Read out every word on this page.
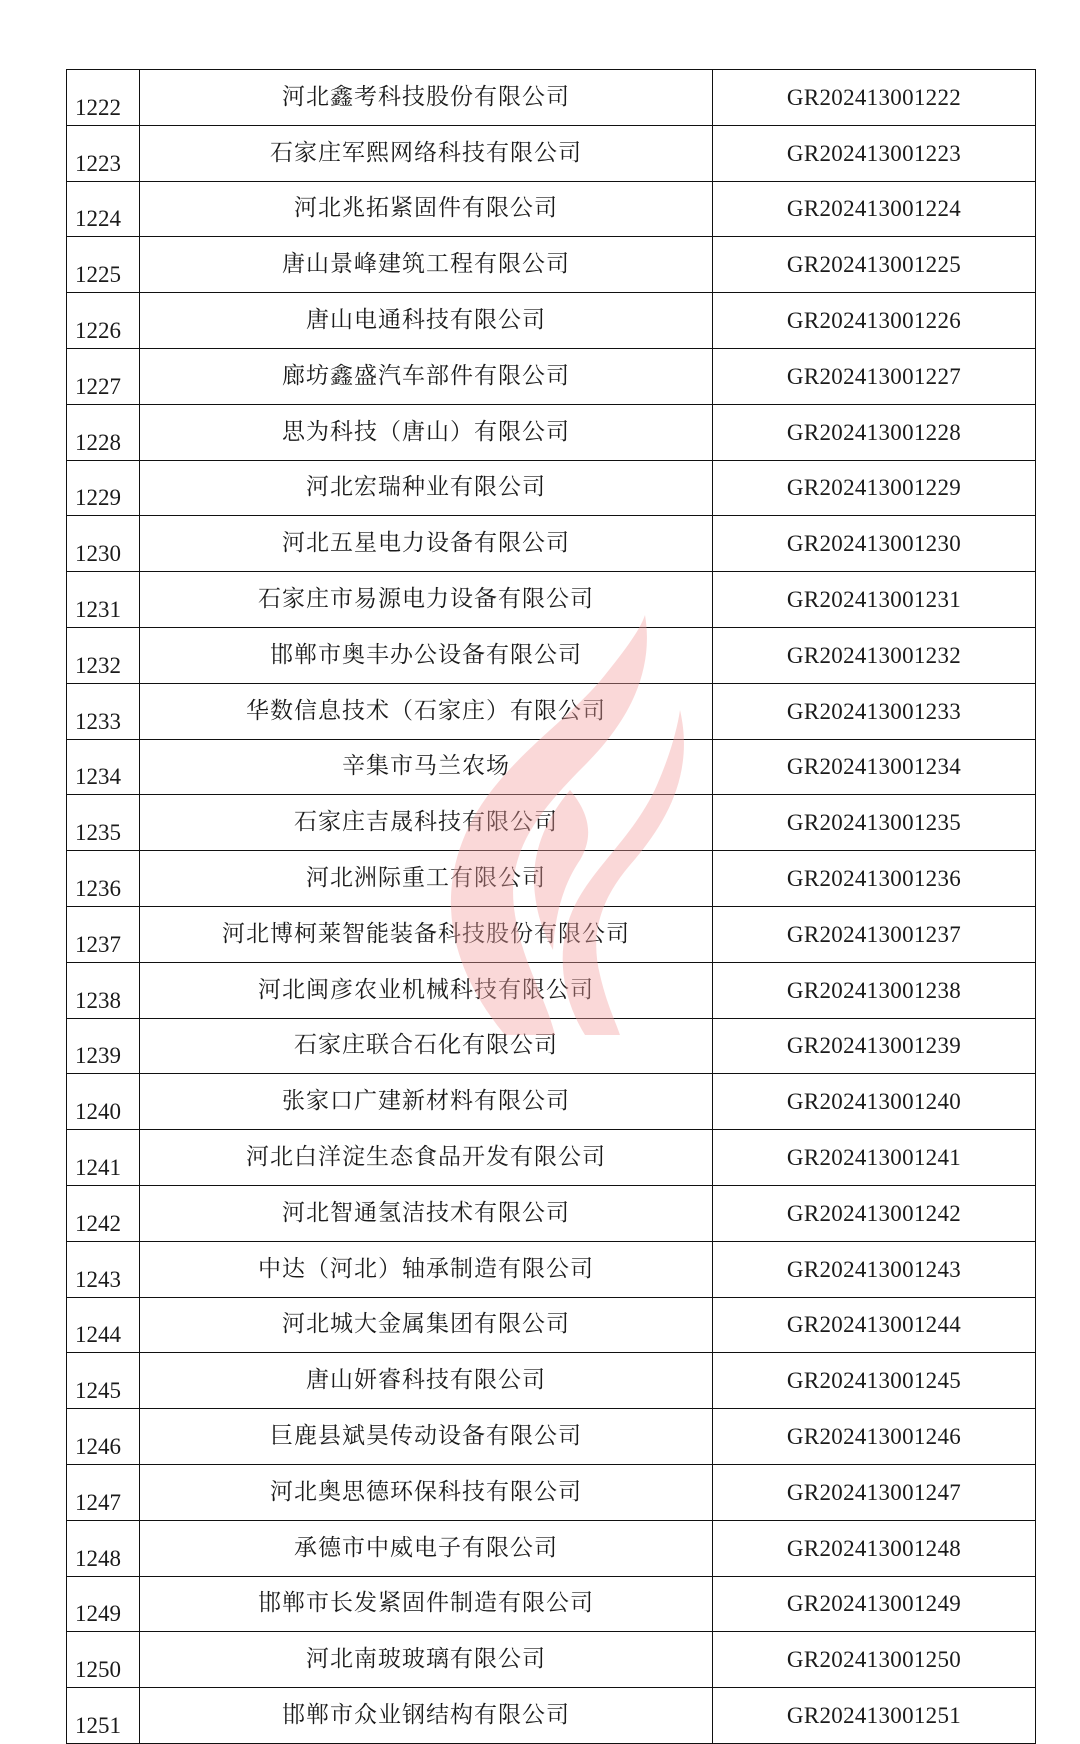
1222	河北鑫考科技股份有限公司	GR202413001222
1223	石家庄军熙网络科技有限公司	GR202413001223
1224	河北兆拓紧固件有限公司	GR202413001224
1225	唐山景峰建筑工程有限公司	GR202413001225
1226	唐山电通科技有限公司	GR202413001226
1227	廊坊鑫盛汽车部件有限公司	GR202413001227
1228	思为科技（唐山）有限公司	GR202413001228
1229	河北宏瑞种业有限公司	GR202413001229
1230	河北五星电力设备有限公司	GR202413001230
1231	石家庄市易源电力设备有限公司	GR202413001231
1232	邯郸市奥丰办公设备有限公司	GR202413001232
1233	华数信息技术（石家庄）有限公司	GR202413001233
1234	辛集市马兰农场	GR202413001234
1235	石家庄吉晟科技有限公司	GR202413001235
1236	河北洲际重工有限公司	GR202413001236
1237	河北博柯莱智能装备科技股份有限公司	GR202413001237
1238	河北闽彦农业机械科技有限公司	GR202413001238
1239	石家庄联合石化有限公司	GR202413001239
1240	张家口广建新材料有限公司	GR202413001240
1241	河北白洋淀生态食品开发有限公司	GR202413001241
1242	河北智通氢洁技术有限公司	GR202413001242
1243	中达（河北）轴承制造有限公司	GR202413001243
1244	河北城大金属集团有限公司	GR202413001244
1245	唐山妍睿科技有限公司	GR202413001245
1246	巨鹿县斌昊传动设备有限公司	GR202413001246
1247	河北奥思德环保科技有限公司	GR202413001247
1248	承德市中威电子有限公司	GR202413001248
1249	邯郸市长发紧固件制造有限公司	GR202413001249
1250	河北南玻玻璃有限公司	GR202413001250
1251	邯郸市众业钢结构有限公司	GR202413001251
